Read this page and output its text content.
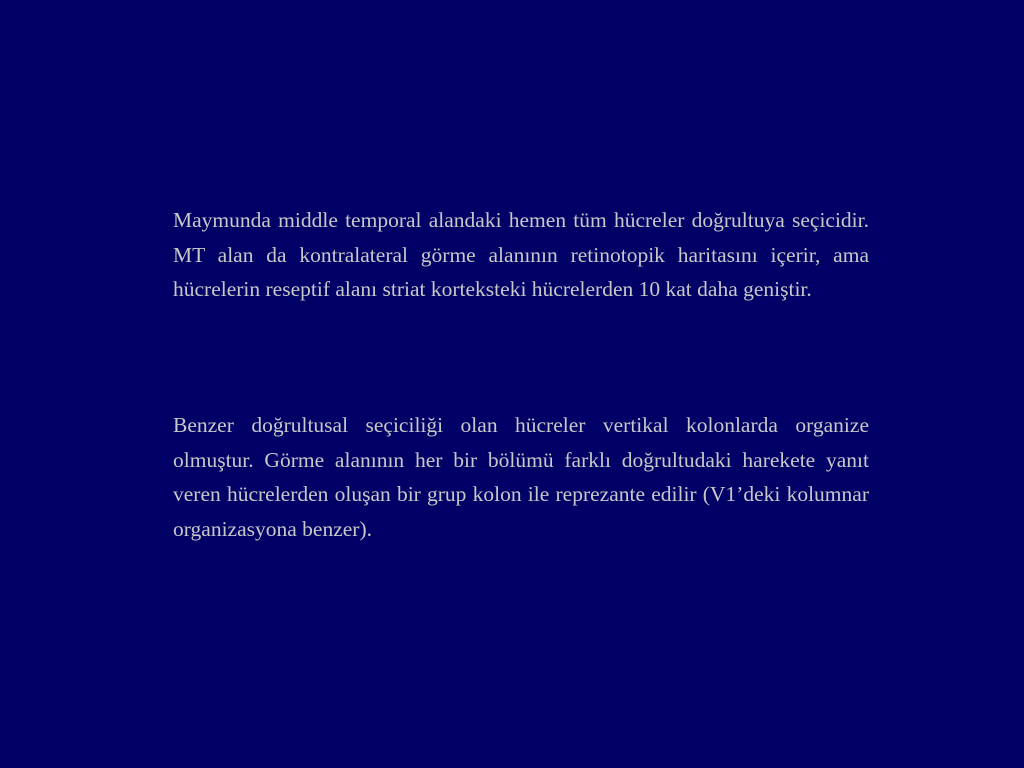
Maymunda middle temporal alandaki hemen tüm hücreler doğrultuya seçicidir. MT alan da kontralateral görme alanının retinotopik haritasını içerir, ama hücrelerin reseptif alanı striat korteksteki hücrelerden 10 kat daha geniştir.

Benzer doğrultusal seçiciliği olan hücreler vertikal kolonlarda organize olmuştur. Görme alanının her bir bölümü farklı doğrultudaki harekete yanıt veren hücrelerden oluşan bir grup kolon ile reprezante edilir (V1’deki kolumnar organizasyona benzer).
